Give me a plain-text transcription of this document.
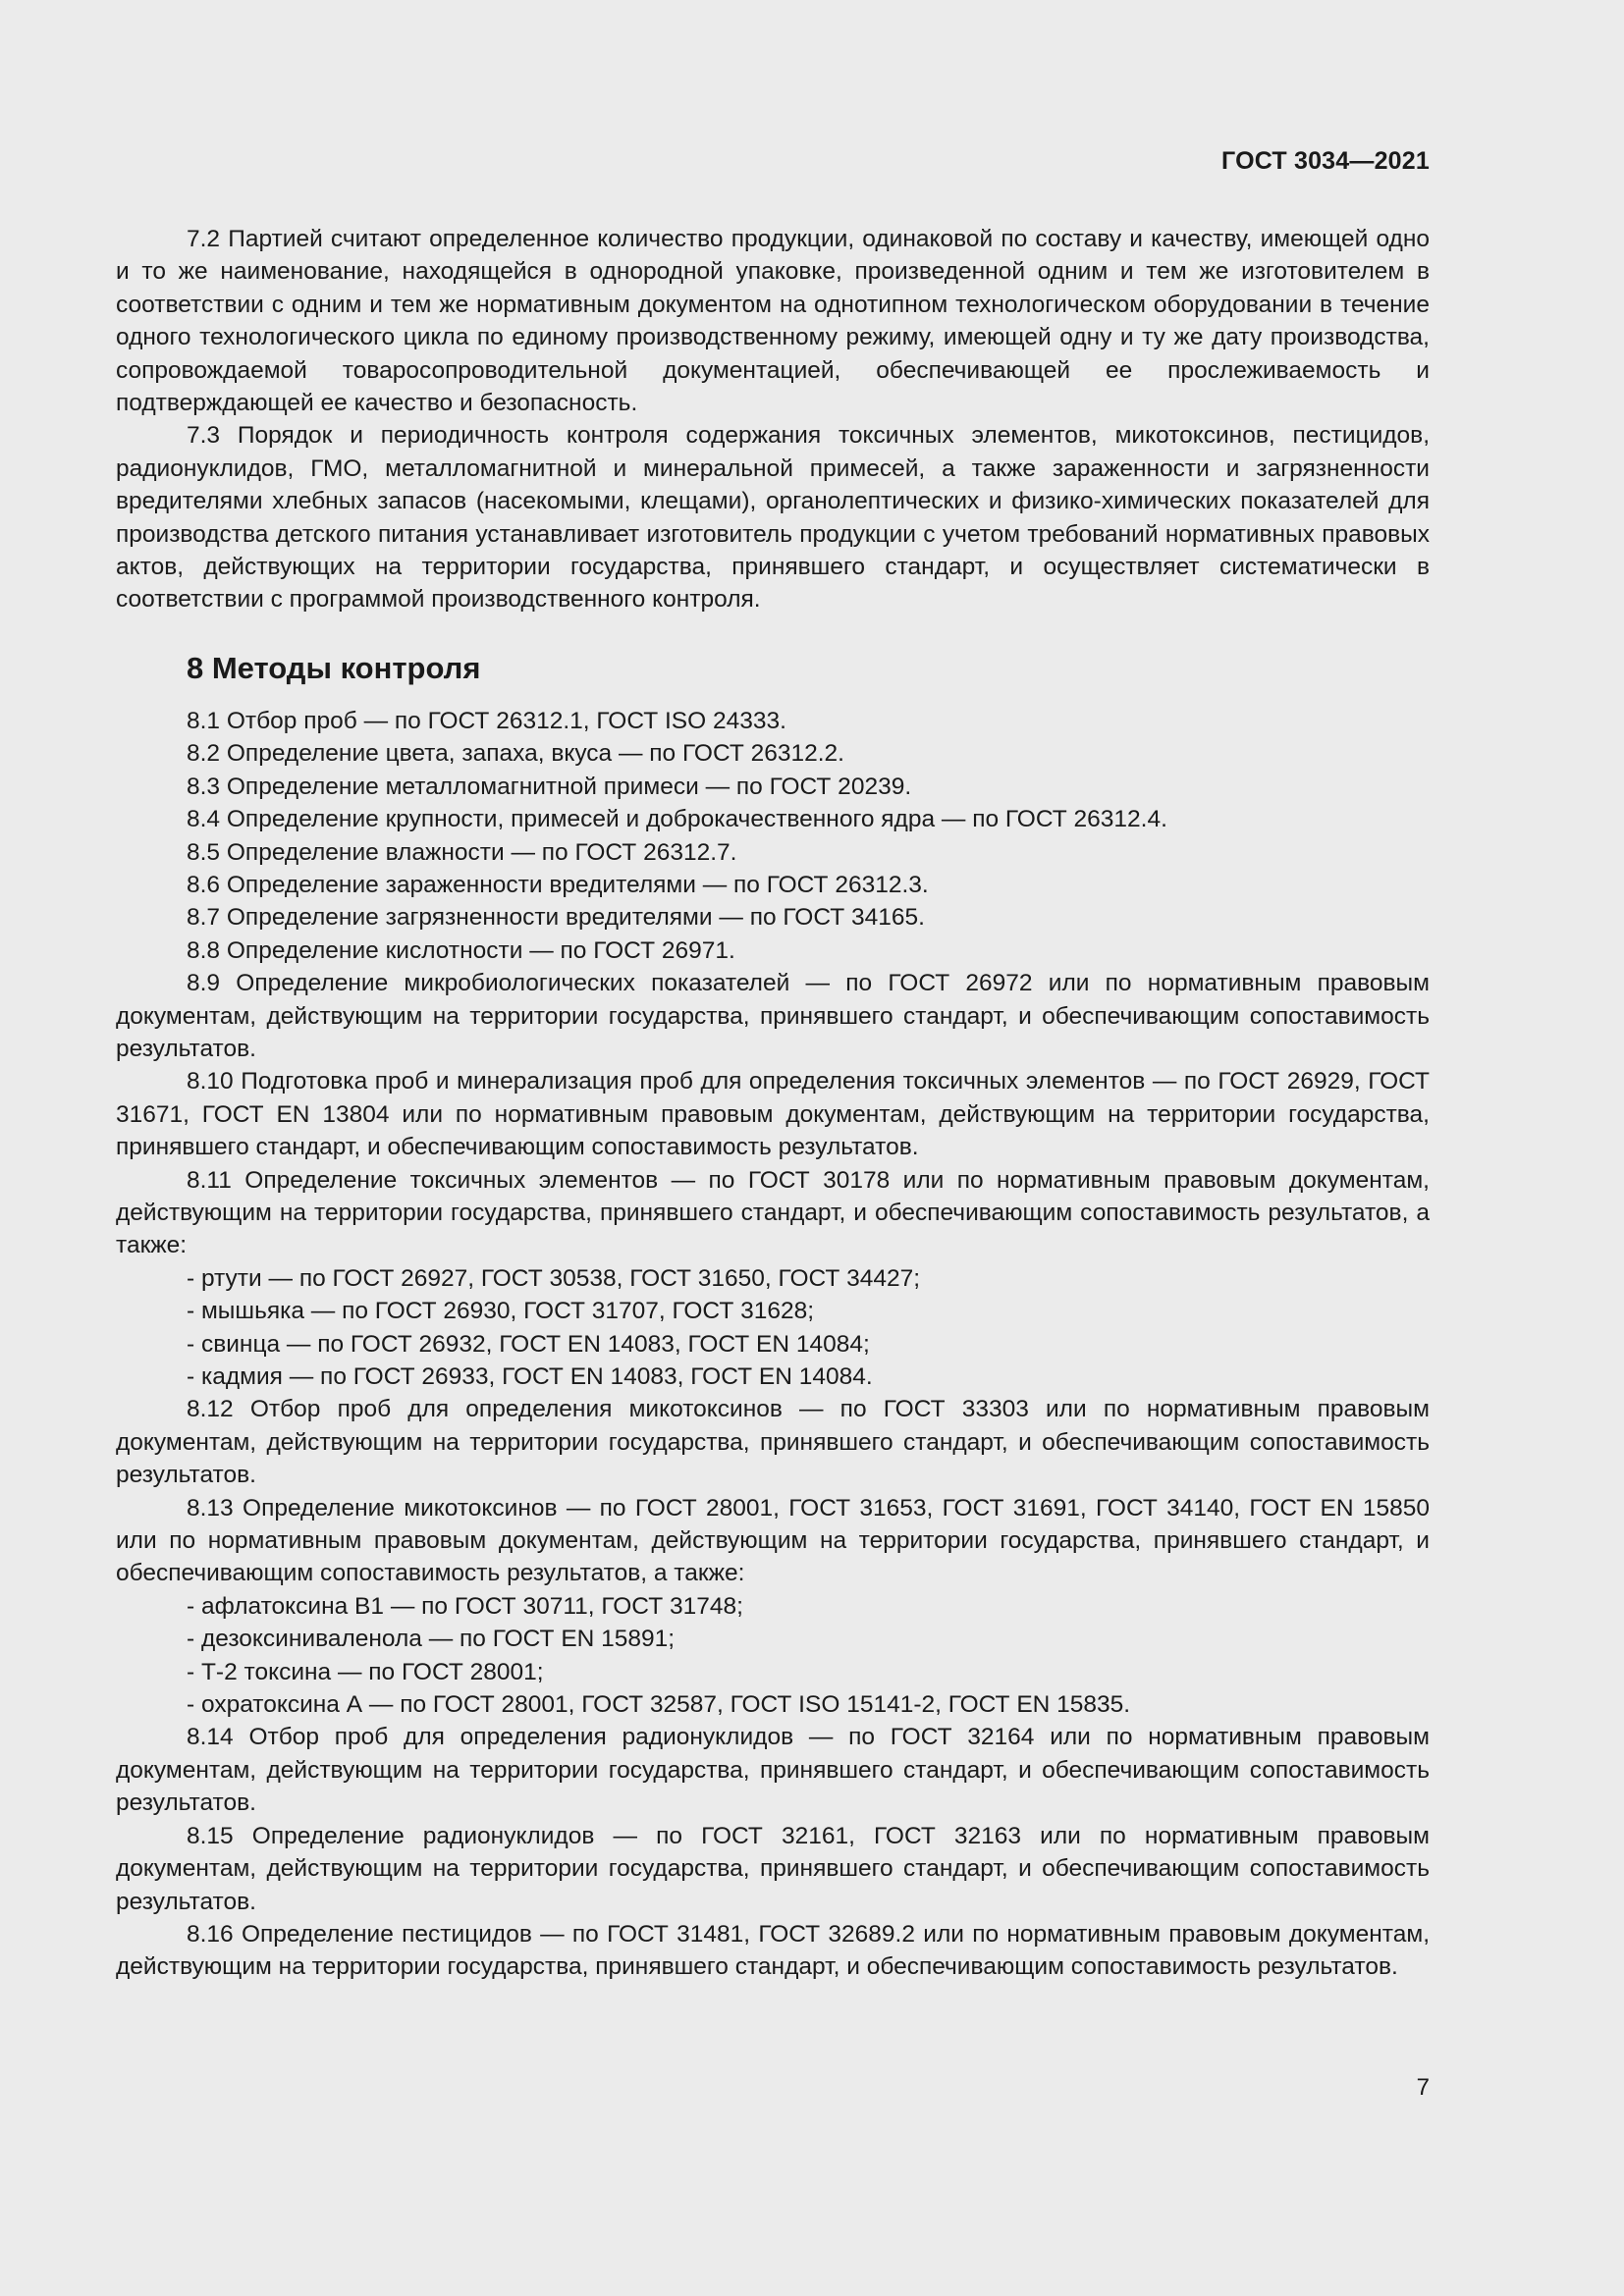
ГОСТ 3034—2021

7.2 Партией считают определенное количество продукции, одинаковой по составу и качеству, имеющей одно и то же наименование, находящейся в однородной упаковке, произведенной одним и тем же изготовителем в соответствии с одним и тем же нормативным документом на однотипном технологическом оборудовании в течение одного технологического цикла по единому производственному режиму, имеющей одну и ту же дату производства, сопровождаемой товаросопроводительной документацией, обеспечивающей ее прослеживаемость и подтверждающей ее качество и безопасность.

7.3 Порядок и периодичность контроля содержания токсичных элементов, микотоксинов, пестицидов, радионуклидов, ГМО, металломагнитной и минеральной примесей, а также зараженности и загрязненности вредителями хлебных запасов (насекомыми, клещами), органолептических и физико-химических показателей для производства детского питания устанавливает изготовитель продукции с учетом требований нормативных правовых актов, действующих на территории государства, принявшего стандарт, и осуществляет систематически в соответствии с программой производственного контроля.

8 Методы контроля

8.1 Отбор проб — по ГОСТ 26312.1, ГОСТ ISO 24333.

8.2 Определение цвета, запаха, вкуса — по ГОСТ 26312.2.

8.3 Определение металломагнитной примеси — по ГОСТ 20239.

8.4 Определение крупности, примесей и доброкачественного ядра — по ГОСТ 26312.4.

8.5 Определение влажности — по ГОСТ 26312.7.

8.6 Определение зараженности вредителями — по ГОСТ 26312.3.

8.7 Определение загрязненности вредителями — по ГОСТ 34165.

8.8 Определение кислотности — по ГОСТ 26971.

8.9 Определение микробиологических показателей — по ГОСТ 26972 или по нормативным правовым документам, действующим на территории государства, принявшего стандарт, и обеспечивающим сопоставимость результатов.

8.10 Подготовка проб и минерализация проб для определения токсичных элементов — по ГОСТ 26929, ГОСТ 31671, ГОСТ EN 13804 или по нормативным правовым документам, действующим на территории государства, принявшего стандарт, и обеспечивающим сопоставимость результатов.

8.11 Определение токсичных элементов — по ГОСТ 30178 или по нормативным правовым документам, действующим на территории государства, принявшего стандарт, и обеспечивающим сопоставимость результатов, а также:

- ртути — по ГОСТ 26927, ГОСТ 30538, ГОСТ 31650, ГОСТ 34427;

- мышьяка — по ГОСТ 26930, ГОСТ 31707, ГОСТ 31628;

- свинца — по ГОСТ 26932, ГОСТ EN 14083, ГОСТ EN 14084;

- кадмия — по ГОСТ 26933, ГОСТ EN 14083, ГОСТ EN 14084.

8.12 Отбор проб для определения микотоксинов — по ГОСТ 33303 или по нормативным правовым документам, действующим на территории государства, принявшего стандарт, и обеспечивающим сопоставимость результатов.

8.13 Определение микотоксинов — по ГОСТ 28001, ГОСТ 31653, ГОСТ 31691, ГОСТ 34140, ГОСТ EN 15850 или по нормативным правовым документам, действующим на территории государства, принявшего стандарт, и обеспечивающим сопоставимость результатов, а также:

- афлатоксина B1 — по ГОСТ 30711, ГОСТ 31748;

- дезоксиниваленола — по ГОСТ EN 15891;

- Т-2 токсина — по ГОСТ 28001;

- охратоксина А — по ГОСТ 28001, ГОСТ 32587, ГОСТ ISO 15141-2, ГОСТ EN 15835.

8.14 Отбор проб для определения радионуклидов — по ГОСТ 32164 или по нормативным правовым документам, действующим на территории государства, принявшего стандарт, и обеспечивающим сопоставимость результатов.

8.15 Определение радионуклидов — по ГОСТ 32161, ГОСТ 32163 или по нормативным правовым документам, действующим на территории государства, принявшего стандарт, и обеспечивающим сопоставимость результатов.

8.16 Определение пестицидов — по ГОСТ 31481, ГОСТ 32689.2 или по нормативным правовым документам, действующим на территории государства, принявшего стандарт, и обеспечивающим сопоставимость результатов.

7
